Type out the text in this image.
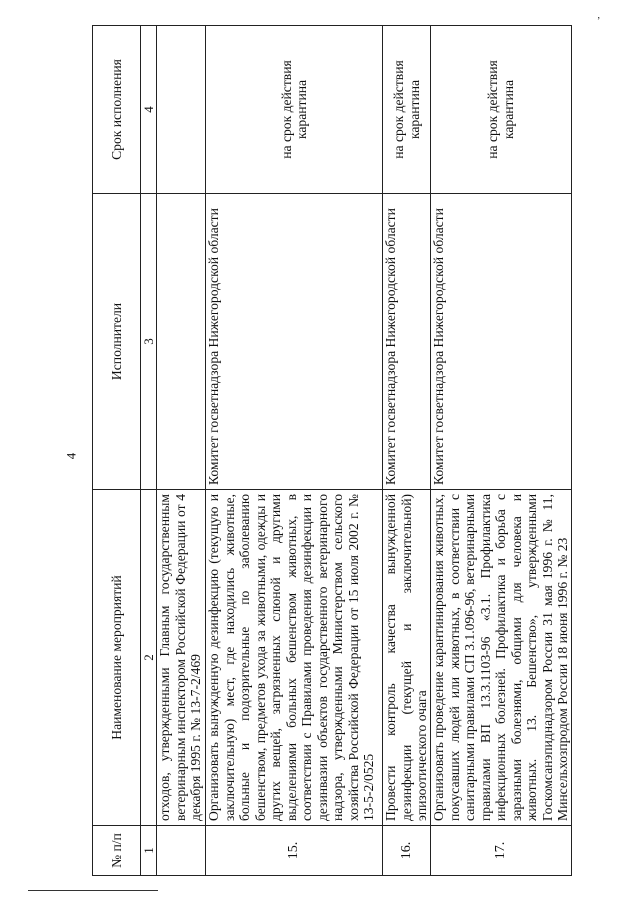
4
ʼ
№ п/п	Наименование мероприятий	Исполнители	Срок исполнения
1	2	3	4
	отходов, утвержденными Главным государственным ветеринарным инспектором Российской Федерации от 4 декабря 1995 г. № 13-7-2/469		
15.	Организовать вынужденную дезинфекцию (текущую и заключительную) мест, где находились животные, больные и подозрительные по заболеванию бешенством, предметов ухода за животными, одежды и других вещей, загрязненных слюной и другими выделениями больных бешенством животных, в соответствии с Правилами проведения дезинфекции и дезинвазии объектов государственного ветеринарного надзора, утвержденными Министерством сельского хозяйства Российской Федерации от 15 июля 2002 г. № 13-5-2/0525	Комитет госветнадзора Нижегородской области	на срок действия карантина
16.	Провести контроль качества вынужденной дезинфекции (текущей и заключительной) эпизоотического очага	Комитет госветнадзора Нижегородской области	на срок действия карантина
17.	Организовать проведение карантинирования животных, покусавших людей или животных, в соответствии с санитарными правилами СП 3.1.096-96, ветеринарными правилами ВП 13.3.1103-96 «3.1. Профилактика инфекционных болезней. Профилактика и борьба с заразными болезнями, общими для человека и животных. 13. Бешенство», утвержденными Госкомсанэпиднадзором России 31 мая 1996 г. № 11, Минсельхозпродом России 18 июня 1996 г. № 23	Комитет госветнадзора Нижегородской области	на срок действия карантина
